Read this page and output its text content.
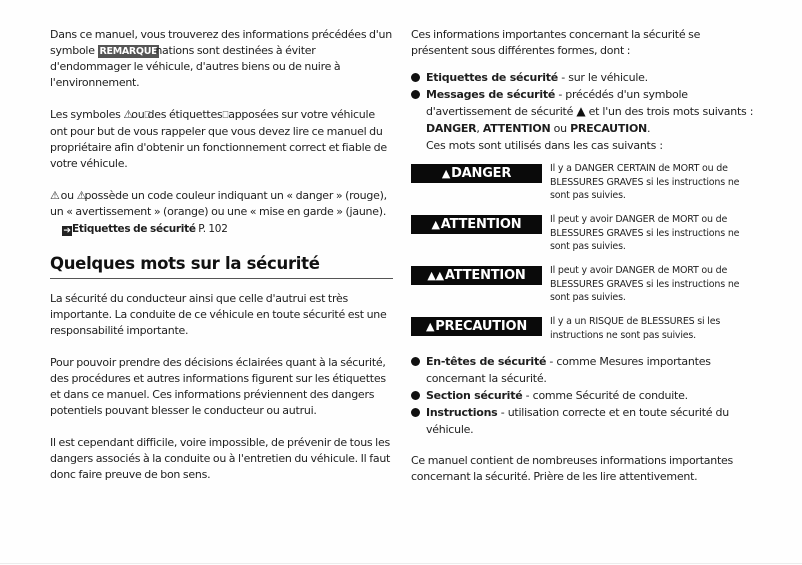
Dans ce manuel, vous trouverez des informations précédées d'un symbole REMARQUEnations sont destinées à éviter d'endommager le véhicule, d'autres biens ou de nuire à l'environnement.

Les symboles ⚠ou⎕des étiquettes⎕ apposées sur votre véhicule ont pour but de vous rappeler que vous devez lire ce manuel du propriétaire afin d'obtenir un fonctionnement correct et fiable de votre véhicule.

⚠ ou ⚠possède un code couleur indiquant un « danger » (rouge), un « avertissement » (orange) ou une « mise en garde » (jaune).

➔Etiquettes de sécurité P. 102

Quelques mots sur la sécurité

La sécurité du conducteur ainsi que celle d'autrui est très importante. La conduite de ce véhicule en toute sécurité est une responsabilité importante.

Pour pouvoir prendre des décisions éclairées quant à la sécurité, des procédures et autres informations figurent sur les étiquettes et dans ce manuel. Ces informations préviennent des dangers potentiels pouvant blesser le conducteur ou autrui.

Il est cependant difficile, voire impossible, de prévenir de tous les dangers associés à la conduite ou à l'entretien du véhicule. Il faut donc faire preuve de bon sens.

Ces informations importantes concernant la sécurité se présentent sous différentes formes, dont :

Etiquettes de sécurité - sur le véhicule.
Messages de sécurité - précédés d'un symbole d'avertissement de sécurité ▲ et l'un des trois mots suivants :
DANGER, ATTENTION ou PRECAUTION.
Ces mots sont utilisés dans les cas suivants :
▲ DANGER	Il y a DANGER CERTAIN de MORT ou de BLESSURES GRAVES si les instructions ne sont pas suivies.
▲ ATTENTION	Il peut y avoir DANGER de MORT ou de BLESSURES GRAVES si les instructions ne sont pas suivies.
▲▲ ATTENTION	Il peut y avoir DANGER de MORT ou de BLESSURES GRAVES si les instructions ne sont pas suivies.
▲ PRECAUTION Il y a un RISQUE de BLESSURES si les instructions ne sont pas suivies.
En-têtes de sécurité - comme Mesures importantes concernant la sécurité.
Section sécurité - comme Sécurité de conduite.
Instructions - utilisation correcte et en toute sécurité du véhicule.

Ce manuel contient de nombreuses informations importantes concernant la sécurité. Prière de les lire attentivement.
